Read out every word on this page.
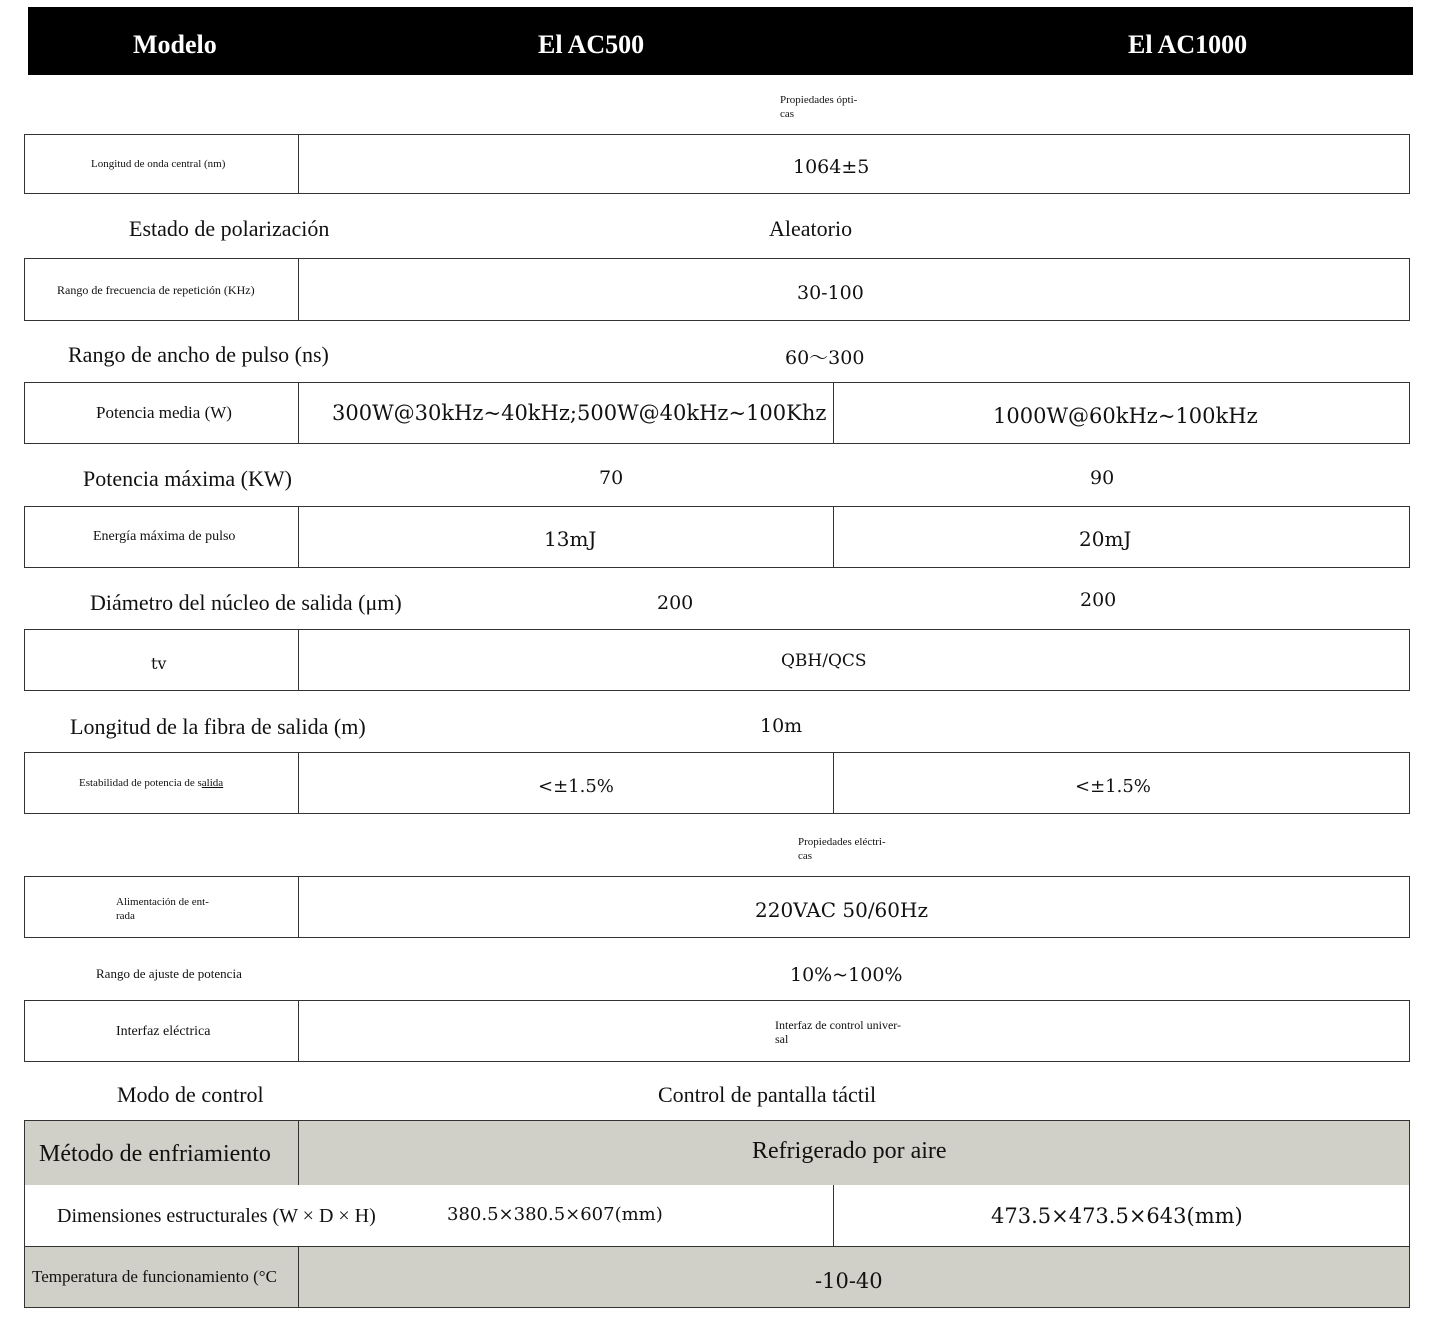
Modelo	El AC500	El AC1000
Propiedades ópti-
cas
Longitud de onda central (nm)	1064±5
Estado de polarización	Aleatorio
Rango de frecuencia de repetición (KHz)	30-100
Rango de ancho de pulso (ns)	60～300
Potencia media (W)	300W@30kHz~40kHz;500W@40kHz~100Khz	1000W@60kHz~100kHz
Potencia máxima (KW)	70	90
Energía máxima de pulso	13mJ	20mJ
Diámetro del núcleo de salida (μm)	200	200
tv	QBH/QCS
Longitud de la fibra de salida (m)	10m
Estabilidad de potencia de salida	<±1.5%	<±1.5%
Propiedades eléctri-
cas
Alimentación de ent-
rada	220VAC 50/60Hz
Rango de ajuste de potencia	10%~100%
Interfaz eléctrica	Interfaz de control univer-
sal
Modo de control	Control de pantalla táctil
Método de enfriamiento	Refrigerado por aire
Dimensiones estructurales (W × D × H)	380.5×380.5×607(mm)	473.5×473.5×643(mm)
Temperatura de funcionamiento (°C	-10-40
